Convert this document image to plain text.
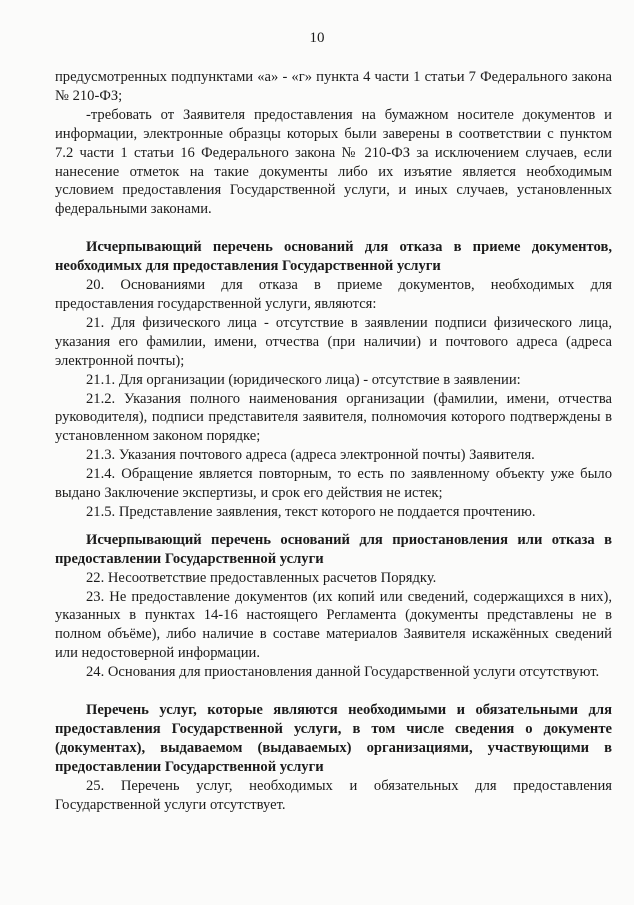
10

предусмотренных подпунктами «а» - «г» пункта 4 части 1 статьи 7 Федерального закона № 210-ФЗ;

-требовать от Заявителя предоставления на бумажном носителе документов и информации, электронные образцы которых были заверены в соответствии с пунктом 7.2 части 1 статьи 16 Федерального закона № 210-ФЗ за исключением случаев, если нанесение отметок на такие документы либо их изъятие является необходимым условием предоставления Государственной услуги, и иных случаев, установленных федеральными законами.

Исчерпывающий перечень оснований для отказа в приеме документов, необходимых для предоставления Государственной услуги

20. Основаниями для отказа в приеме документов, необходимых для предоставления государственной услуги, являются:

21. Для физического лица - отсутствие в заявлении подписи физического лица, указания его фамилии, имени, отчества (при наличии) и почтового адреса (адреса электронной почты);

21.1. Для организации (юридического лица) - отсутствие в заявлении:

21.2. Указания полного наименования организации (фамилии, имени, отчества руководителя), подписи представителя заявителя, полномочия которого подтверждены в установленном законом порядке;

21.3. Указания почтового адреса (адреса электронной почты) Заявителя.

21.4. Обращение является повторным, то есть по заявленному объекту уже было выдано Заключение экспертизы, и срок его действия не истек;

21.5. Представление заявления, текст которого не поддается прочтению.

Исчерпывающий перечень оснований для приостановления или отказа в предоставлении Государственной услуги

22. Несоответствие предоставленных расчетов Порядку.

23. Не предоставление документов (их копий или сведений, содержащихся в них), указанных в пунктах 14-16 настоящего Регламента (документы представлены не в полном объёме), либо наличие в составе материалов Заявителя искажённых сведений или недостоверной информации.

24. Основания для приостановления данной Государственной услуги отсутствуют.

Перечень услуг, которые являются необходимыми и обязательными для предоставления Государственной услуги, в том числе сведения о документе (документах), выдаваемом (выдаваемых) организациями, участвующими в предоставлении Государственной услуги

25. Перечень услуг, необходимых и обязательных для предоставления Государственной услуги отсутствует.
